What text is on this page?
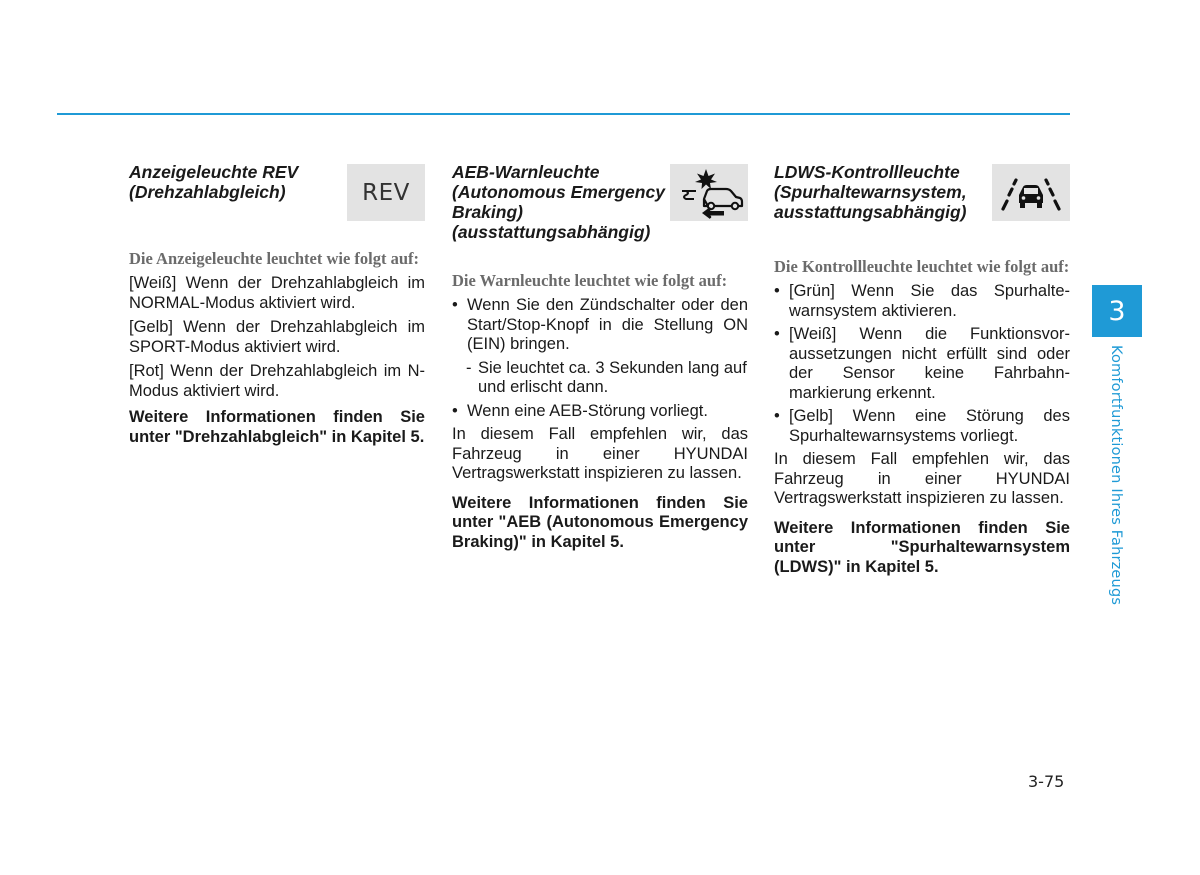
Anzeigeleuchte REV
(Drehzahlabgleich)	REV

Die Anzeigeleuchte leuchtet wie folgt auf:

[Weiß] Wenn der Drehzahlabgleich im NORMAL-Modus aktiviert wird.

[Gelb] Wenn der Drehzahlabgleich im SPORT-Modus aktiviert wird.

[Rot] Wenn der Drehzahlabgleich im N-Modus aktiviert wird.

Weitere Informationen finden Sie unter "Drehzahlabgleich" in Kapitel 5.

AEB-Warnleuchte (Autonomous Emergency Braking) (ausstattungsabhängig)

Die Warnleuchte leuchtet wie folgt auf:

• Wenn Sie den Zündschalter oder den Start/Stop-Knopf in die Stellung ON (EIN) bringen.
- Sie leuchtet ca. 3 Sekunden lang auf und erlischt dann.
• Wenn eine AEB-Störung vorliegt.

In diesem Fall empfehlen wir, das Fahrzeug in einer HYUNDAI Vertragswerkstatt inspizieren zu lassen.

Weitere Informationen finden Sie unter "AEB (Autonomous Emergency Braking)" in Kapitel 5.

LDWS-Kontrollleuchte (Spurhaltewarnsystem, ausstattungsabhängig)

Die Kontrollleuchte leuchtet wie folgt auf:

• [Grün] Wenn Sie das Spurhalte-warnsystem aktivieren.
• [Weiß] Wenn die Funktionsvor-aussetzungen nicht erfüllt sind oder der Sensor keine Fahrbahn-markierung erkennt.
• [Gelb] Wenn eine Störung des Spurhaltewarnsystems vorliegt.

In diesem Fall empfehlen wir, das Fahrzeug in einer HYUNDAI Vertragswerkstatt inspizieren zu lassen.

Weitere Informationen finden Sie unter "Spurhaltewarnsystem (LDWS)" in Kapitel 5.

3
Komfortfunktionen Ihres Fahrzeugs
3-75
